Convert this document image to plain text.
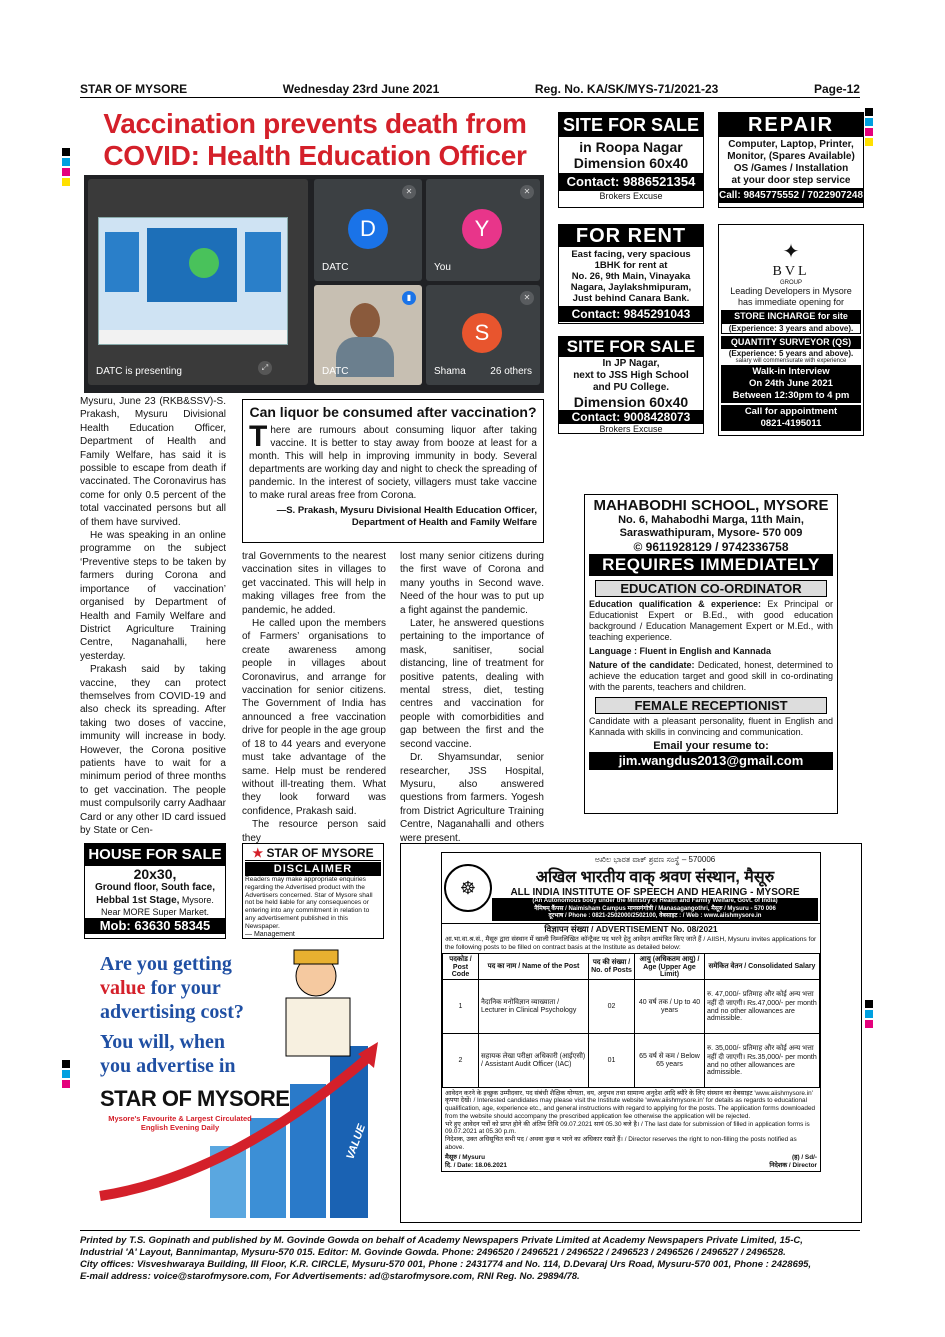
STAR OF MYSORE	Wednesday 23rd June 2021	Reg. No. KA/SK/MYS-71/2021-23	Page-12
Vaccination prevents death from
COVID: Health Education Officer
DATC is presenting	⤢
✕
D
DATC
✕
Y
You
▮
DATC
✕
S
Shama 26 others

Mysuru, June 23 (RKB&SSV)-S. Prakash, Mysuru Divisional Health Education Officer, Department of Health and Family Welfare, has said it is possible to escape from death if vaccinated. The Coronavirus has come for only 0.5 percent of the total vaccinated persons but all of them have survived.

He was speaking in an online programme on the subject ‘Preventive steps to be taken by farmers during Corona and importance of vaccination’ organised by Department of Health and Family Welfare and District Agriculture Training Centre, Naganahalli, here yesterday.

Prakash said by taking vaccine, they can protect themselves from COVID-19 and also check its spreading. After taking two doses of vaccine, immunity will increase in body. However, the Corona positive patients have to wait for a minimum period of three months to get vaccination. The people must compulsorily carry Aadhaar Card or any other ID card issued by State or Cen-

Can liquor be consumed after vaccination?
T here are rumours about consuming liquor after taking vaccine. It is better to stay away from booze at least for a month. This will help in improving immunity in body. Several departments are working day and night to check the spreading of pandemic. In the interest of society, villagers must take vaccine to make rural areas free from Corona.
—S. Prakash, Mysuru Divisional Health Education Officer,
Department of Health and Family Welfare

tral Governments to the nearest vaccination sites in villages to get vaccinated. This will help in making villages free from the pandemic, he added.

He called upon the members of Farmers’ organisations to create awareness among people in villages about Coronavirus, and arrange for vaccination for senior citizens. The Government of India has announced a free vaccination drive for people in the age group of 18 to 44 years and everyone must take advantage of the same. Help must be rendered without ill-treating them. What they look forward was confidence, Prakash said.

The resource person said they

lost many senior citizens during the first wave of Corona and many youths in Second wave. Need of the hour was to put up a fight against the pandemic.

Later, he answered questions pertaining to the importance of mask, sanitiser, social distancing, line of treatment for positive patents, dealing with mental stress, diet, testing centres and vaccination for people with comorbidities and gap between the first and the second vaccine.

Dr. Shyamsundar, senior researcher, JSS Hospital, Mysuru, also answered questions from farmers. Yogesh from District Agriculture Training Centre, Naganahalli and others were present.

SITE FOR SALE
in Roopa Nagar
Dimension 60x40
Contact: 9886521354
Brokers Excuse
REPAIR
Computer, Laptop, Printer,
Monitor, (Spares Available)
OS /Games / Installation
at your door step service
Call: 9845775552 / 7022907248
FOR RENT
East facing, very spacious
1BHK for rent at
No. 26, 9th Main, Vinayaka
Nagara, Jaylakshmipuram,
Just behind Canara Bank.
Contact: 9845291043
✦
BVL
GROUP
Leading Developers in Mysore
has immediate opening for
STORE INCHARGE for site
(Experience: 3 years and above).
QUANTITY SURVEYOR (QS)
(Experience: 5 years and above).
salary will commensurate with experience
Walk-in Interview
On 24th June 2021
Between 12:30pm to 4 pm
Call for appointment
0821-4195011
SITE FOR SALE
In JP Nagar,
next to JSS High School
and PU College.
Dimension 60x40
Contact: 9008428073
Brokers Excuse
MAHABODHI SCHOOL, MYSORE
No. 6, Mahabodhi Marga, 11th Main,
Saraswathipuram, Mysore- 570 009
© 9611928129 / 9742336758
REQUIRES IMMEDIATELY
EDUCATION CO-ORDINATOR
Education qualification & experience: Ex Principal or Educationist Expert or B.Ed., with good education background / Education Management Expert or M.Ed., with teaching experience.
Language : Fluent in English and Kannada
Nature of the candidate: Dedicated, honest, determined to achieve the education target and good skill in co-ordinating with the parents, teachers and children.
FEMALE RECEPTIONIST
Candidate with a pleasant personality, fluent in English and Kannada with skills in convincing and communication.
Email your resume to:
jim.wangdus2013@gmail.com
HOUSE FOR SALE
20x30,
Ground floor, South face,
Hebbal 1st Stage, Mysore.
Near MORE Super Market.
Mob: 63630 58345
★ STAR OF MYSORE
DISCLAIMER
Readers may make appropriate enquiries regarding the Advertised product with the Advertisers concerned. Star of Mysore shall not be held liable for any consequences or entering into any commitment in relation to any advertisement published in this Newspaper.
— Management
Are you getting
value for your
advertising cost?
You will, when
you advertise in
STAR OF MYSORE
Mysore's Favourite & Largest Circulated
English Evening Daily	VALUE
☸
ಅಖಿಲ ಭಾರತ ವಾಕ್ ಶ್ರವಣ ಸಂಸ್ಥೆ – 570006
अखिल भारतीय वाक् श्रवण संस्थान, मैसूरु
ALL INDIA INSTITUTE OF SPEECH AND HEARING - MYSORE
(An Autonomous body under the Ministry of Health and Family Welfare, Govt. of India)
नैमिषम् कैंपस / Naimisham Campus मानसगंगोत्री / Manasagangothri, मैसूरु / Mysuru - 570 006
दूरभाष / Phone : 0821-2502000/2502100, वेबसाइट : / Web : www.aiishmysore.in
विज्ञापन संख्या / ADVERTISEMENT No. 08/2021
आ.भा.वा.श्र.सं., मैसूरु द्वारा संस्थान में खाली निम्नलिखित कॉन्ट्रैक्ट पद भरने हेतु आवेदन आमंत्रित किए जाते हैं / AIISH, Mysuru invites applications for the following posts to be filled on contract basis at the Institute as detailed below:
पदकोड / Post Code	पद का नाम / Name of the Post	पद की संख्या / No. of Posts	आयु (अधिकतम आयु) / Age (Upper Age Limit)	समेकित वेतन / Consolidated Salary
1	नैदानिक मनोविज्ञान व्याख्याता / Lecturer in Clinical Psychology	02	40 वर्ष तक / Up to 40 years	रु. 47,000/- प्रतिमाह और कोई अन्य भत्ता नहीं दी जाएगी। Rs.47,000/- per month and no other allowances are admissible.
2	सहायक लेखा परीक्षा अधिकारी (आईएसी) / Assistant Audit Officer (IAC)	01	65 वर्ष से कम / Below 65 years	रु. 35,000/- प्रतिमाह और कोई अन्य भत्ता नहीं दी जाएगी। Rs.35,000/- per month and no other allowances are admissible.
आवेदन करने के इच्छुक उम्मीदवार, पद संबंधी शैक्षिक योग्यता, वय, अनुभव तथा सामान्य अनुदेश आदि ब्यौरे के लिए संस्थान का वेबसाइट 'www.aiishmysore.in' कृपया देखें। / Interested candidates may please visit the Institute website 'www.aiishmysore.in' for details as regards to educational qualification, age, experience etc., and general instructions with regard to applying for the posts. The application forms downloaded from the website should accompany the prescribed application fee otherwise the application will be rejected.
भरे हुए आवेदन पत्रों को प्राप्त होने की अंतिम तिथि 09.07.2021 सायं 05.30 बजे है। / The last date for submission of filled in application forms is 09.07.2021 at 05.30 p.m.
निदेशक, उक्त अधिसूचित सभी पद / अथवा कुछ न भरने का अधिकार रखते हैं। / Director reserves the right to non-filling the posts notified as above.
मैसूरु / Mysuru
दि. / Date: 18.06.2021
(ह) / Sd/-
निदेशक / Director
Printed by T.S. Gopinath and published by M. Govinde Gowda on behalf of Academy Newspapers Private Limited at Academy Newspapers Private Limited, 15-C,
Industrial 'A' Layout, Bannimantap, Mysuru-570 015. Editor: M. Govinde Gowda. Phone: 2496520 / 2496521 / 2496522 / 2496523 / 2496526 / 2496527 / 2496528.
City offices: Visveshwaraya Building, III Floor, K.R. CIRCLE, Mysuru-570 001, Phone : 2431774 and No. 114, D.Devaraj Urs Road, Mysuru-570 001, Phone : 2428695,
E-mail address: voice@starofmysore.com, For Advertisements: ad@starofmysore.com, RNI Reg. No. 29894/78.
